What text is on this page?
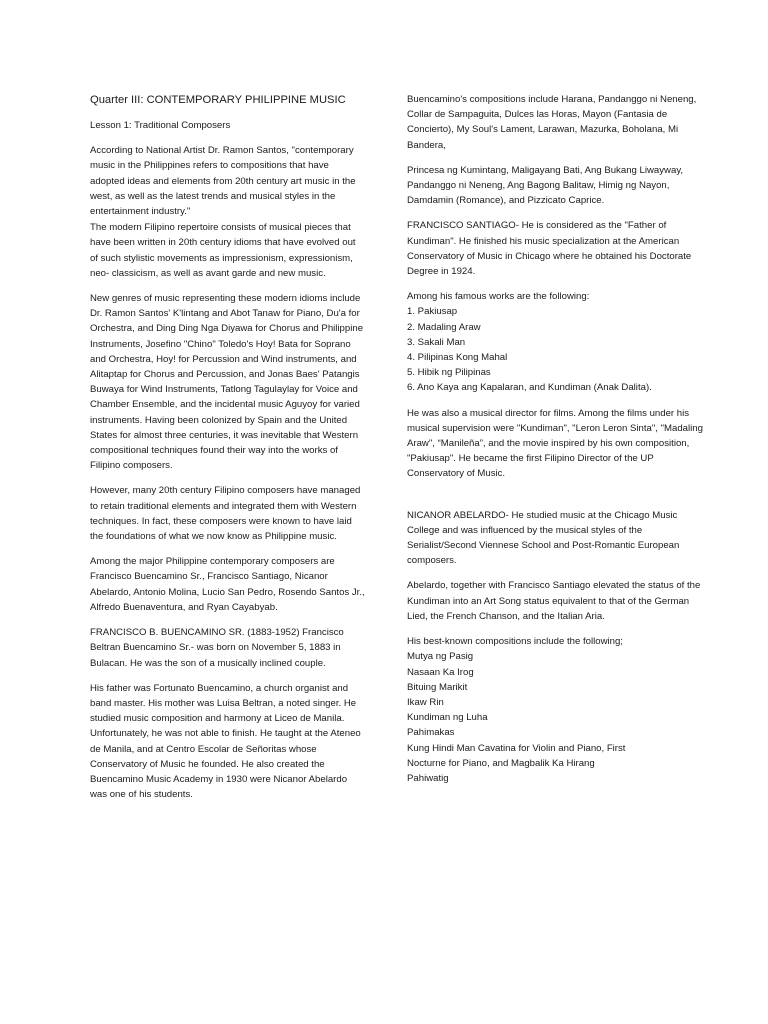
Quarter III: CONTEMPORARY PHILIPPINE MUSIC

Lesson 1: Traditional Composers

According to National Artist Dr. Ramon Santos, "contemporary music in the Philippines refers to compositions that have adopted ideas and elements from 20th century art music in the west, as well as the latest trends and musical styles in the entertainment industry."

The modern Filipino repertoire consists of musical pieces that have been written in 20th century idioms that have evolved out of such stylistic movements as impressionism, expressionism, neo- classicism, as well as avant garde and new music.

New genres of music representing these modern idioms include Dr. Ramon Santos' K'lintang and Abot Tanaw for Piano, Du'a for Orchestra, and Ding Ding Nga Diyawa for Chorus and Philippine Instruments, Josefino "Chino" Toledo's Hoy! Bata for Soprano and Orchestra, Hoy! for Percussion and Wind instruments, and Alitaptap for Chorus and Percussion, and Jonas Baes' Patangis Buwaya for Wind Instruments, Tatlong Tagulaylay for Voice and Chamber Ensemble, and the incidental music Aguyoy for varied instruments. Having been colonized by Spain and the United States for almost three centuries, it was inevitable that Western compositional techniques found their way into the works of Filipino composers.

However, many 20th century Filipino composers have managed to retain traditional elements and integrated them with Western techniques. In fact, these composers were known to have laid the foundations of what we now know as Philippine music.

Among the major Philippine contemporary composers are Francisco Buencamino Sr., Francisco Santiago, Nicanor Abelardo, Antonio Molina, Lucio San Pedro, Rosendo Santos Jr., Alfredo Buenaventura, and Ryan Cayabyab.

FRANCISCO B. BUENCAMINO SR. (1883-1952) Francisco Beltran Buencamino Sr.- was born on November 5, 1883 in Bulacan. He was the son of a musically inclined couple.

His father was Fortunato Buencamino, a church organist and band master. His mother was Luisa Beltran, a noted singer. He studied music composition and harmony at Liceo de Manila. Unfortunately, he was not able to finish. He taught at the Ateneo de Manila, and at Centro Escolar de Señoritas whose Conservatory of Music he founded. He also created the Buencamino Music Academy in 1930 were Nicanor Abelardo was one of his students.

Buencamino's compositions include Harana, Pandanggo ni Neneng, Collar de Sampaguita, Dulces las Horas, Mayon (Fantasia de Concierto), My Soul's Lament, Larawan, Mazurka, Boholana, Mi Bandera,

Princesa ng Kumintang, Maligayang Bati, Ang Bukang Liwayway, Pandanggo ni Neneng, Ang Bagong Balitaw, Himig ng Nayon, Damdamin (Romance), and Pizzicato Caprice.

FRANCISCO SANTIAGO- He is considered as the "Father of Kundiman". He finished his music specialization at the American Conservatory of Music in Chicago where he obtained his Doctorate Degree in 1924.

Among his famous works are the following:

1. Pakiusap
2. Madaling Araw
3. Sakali Man
4. Pilipinas Kong Mahal
5. Hibik ng Pilipinas
6. Ano Kaya ang Kapalaran, and Kundiman (Anak Dalita).

He was also a musical director for films. Among the films under his musical supervision were "Kundiman", "Leron Leron Sinta", "Madaling Araw", “Manileña”, and the movie inspired by his own composition, "Pakiusap". He became the first Filipino Director of the UP Conservatory of Music.

NICANOR ABELARDO- He studied music at the Chicago Music College and was influenced by the musical styles of the Serialist/Second Viennese School and Post-Romantic European composers.

Abelardo, together with Francisco Santiago elevated the status of the Kundiman into an Art Song status equivalent to that of the German Lied, the French Chanson, and the Italian Aria.

His best-known compositions include the following;

Mutya ng Pasig
Nasaan Ka Irog
Bituing Marikit
Ikaw Rin
Kundiman ng Luha
Pahimakas
Kung Hindi Man Cavatina for Violin and Piano, First
Nocturne for Piano, and Magbalik Ka Hirang
Pahiwatig
